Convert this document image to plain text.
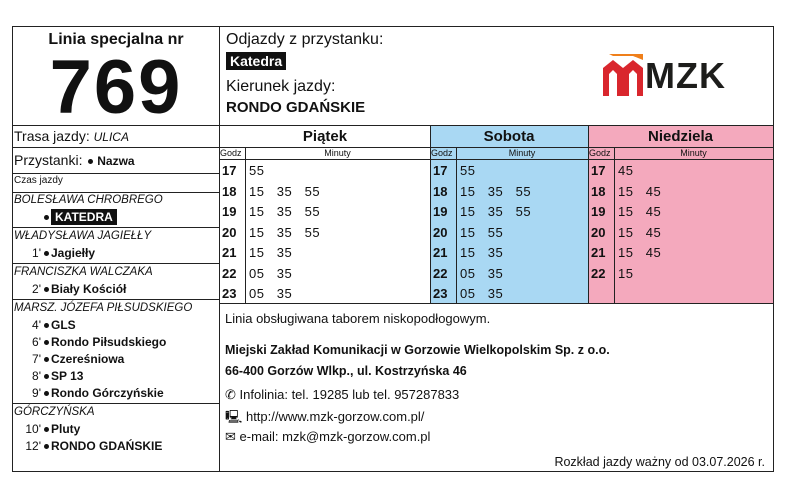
Linia specjalna nr
769
Odjazdy z przystanku:
Katedra
Kierunek jazdy:
RONDO GDAŃSKIE
MZK
Trasa jazdy: ULICA
Przystanki: Nazwa
Czas jazdy
BOLESŁAWA CHROBREGO
KATEDRA
WŁADYSŁAWA JAGIEŁŁY
1' Jagiełły
FRANCISZKA WALCZAKA
2' Biały Kościół
MARSZ. JÓZEFA PIŁSUDSKIEGO
4' GLS
6' Rondo Piłsudskiego
7' Czereśniowa
8' SP 13
9' Rondo Górczyńskie
GÓRCZYŃSKA
10' Pluty
12' RONDO GDAŃSKIE
Piątek	Sobota	Niedziela
Godz	Minuty	Godz	Minuty	Godz	Minuty
17 55
18 15   35   55
19 15   35   55
20 15   35   55
21 15   35
22 05   35
23 05   35
17 55
18 15   35   55
19 15   35   55
20 15   55
21 15   35
22 05   35
23 05   35
17 45
18 15   45
19 15   45
20 15   45
21 15   45
22 15
Linia obsługiwana taborem niskopodłogowym.
Miejski Zakład Komunikacji w Gorzowie Wielkopolskim Sp. z o.o.
66-400 Gorzów Wlkp., ul. Kostrzyńska 46
✆ Infolinia: tel. 19285 lub tel. 957287833
🖳 http://www.mzk-gorzow.com.pl/
✉ e-mail: mzk@mzk-gorzow.com.pl
Rozkład jazdy ważny od 03.07.2026 r.
